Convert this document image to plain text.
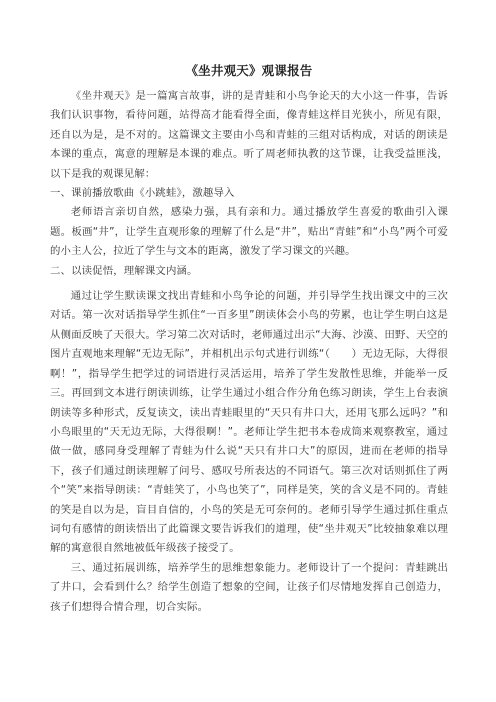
《坐井观天》观课报告

《坐井观天》是一篇寓言故事，讲的是青蛙和小鸟争论天的大小这一件事，告诉我们认识事物，看待问题，站得高才能看得全面，像青蛙这样目光狭小，所见有限，还自以为是，是不对的。这篇课文主要由小鸟和青蛙的三组对话构成，对话的朗读是本课的重点，寓意的理解是本课的难点。听了周老师执教的这节课，让我受益匪浅，以下是我的观课见解：

一、课前播放歌曲《小跳蛙》，激趣导入

老师语言亲切自然，感染力强，具有亲和力。通过播放学生喜爱的歌曲引入课题。板画“井”，让学生直观形象的理解了什么是“井”，贴出“青蛙”和“小鸟”两个可爱的小主人公，拉近了学生与文本的距离，激发了学习课文的兴趣。

二、以读促悟，理解课文内涵。

通过让学生默读课文找出青蛙和小鸟争论的问题，并引导学生找出课文中的三次对话。第一次对话指导学生抓住“一百多里”朗读体会小鸟的劳累，也让学生明白这是从侧面反映了天很大。学习第二次对话时，老师通过出示“大海、沙漠、田野、天空的图片直观地来理解“无边无际”，并相机出示句式进行训练“（　　）无边无际，大得很啊！”，指导学生把学过的词语进行灵活运用，培养了学生发散性思维，并能举一反三。再回到文本进行朗读训练，让学生通过小组合作分角色练习朗读，学生上台表演朗读等多种形式，反复读文，读出青蛙眼里的“天只有井口大，还用飞那么远吗？”和小鸟眼里的“天无边无际，大得很啊！”。老师让学生把书本卷成筒来观察教室，通过做一做，感同身受理解了青蛙为什么说“天只有井口大”的原因，进而在老师的指导下，孩子们通过朗读理解了问号、感叹号所表达的不同语气。第三次对话则抓住了两个“笑”来指导朗读：“青蛙笑了，小鸟也笑了”，同样是笑，笑的含义是不同的。青蛙的笑是自以为是，盲目自信的，小鸟的笑是无可奈何的。老师引导学生通过抓住重点词句有感情的朗读悟出了此篇课文要告诉我们的道理，使“坐井观天”比较抽象难以理解的寓意很自然地被低年级孩子接受了。

三、通过拓展训练，培养学生的思维想象能力。老师设计了一个提问：青蛙跳出了井口，会看到什么？给学生创造了想象的空间，让孩子们尽情地发挥自己创造力，孩子们想得合情合理，切合实际。
